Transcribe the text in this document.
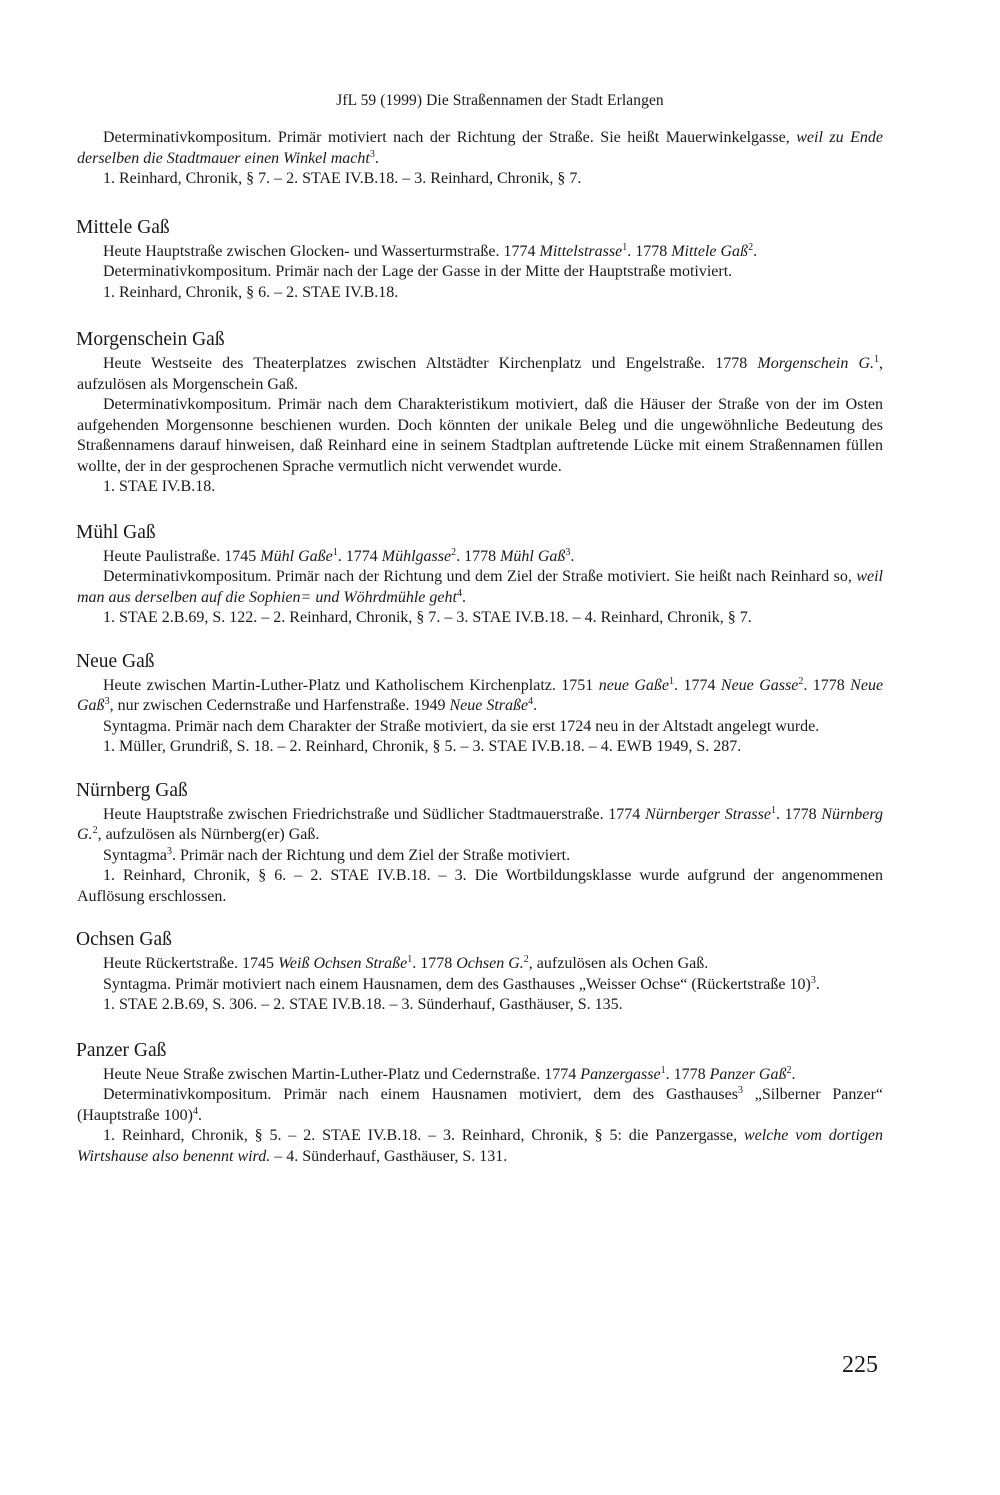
JfL 59 (1999) Die Straßennamen der Stadt Erlangen

Determinativkompositum. Primär motiviert nach der Richtung der Straße. Sie heißt Mauerwinkelgasse, weil zu Ende derselben die Stadtmauer einen Winkel macht$^3$.

1. Reinhard, Chronik, § 7. – 2. STAE IV.B.18. – 3. Reinhard, Chronik, § 7.

Mittele Gaß

Heute Hauptstraße zwischen Glocken- und Wasserturmstraße. 1774 Mittelstrasse$^1$. 1778 Mittele Gaß$^2$.

Determinativkompositum. Primär nach der Lage der Gasse in der Mitte der Hauptstraße motiviert.

1. Reinhard, Chronik, § 6. – 2. STAE IV.B.18.

Morgenschein Gaß

Heute Westseite des Theaterplatzes zwischen Altstädter Kirchenplatz und Engelstraße. 1778 Morgenschein G.$^1$, aufzulösen als Morgenschein Gaß.

Determinativkompositum. Primär nach dem Charakteristikum motiviert, daß die Häuser der Straße von der im Osten aufgehenden Morgensonne beschienen wurden. Doch könnten der unikale Beleg und die ungewöhnliche Bedeutung des Straßennamens darauf hinweisen, daß Reinhard eine in seinem Stadtplan auftretende Lücke mit einem Straßennamen füllen wollte, der in der gesprochenen Sprache vermutlich nicht verwendet wurde.

1. STAE IV.B.18.

Mühl Gaß

Heute Paulistraße. 1745 Mühl Gaße$^1$. 1774 Mühlgasse$^2$. 1778 Mühl Gaß$^3$.

Determinativkompositum. Primär nach der Richtung und dem Ziel der Straße motiviert. Sie heißt nach Reinhard so, weil man aus derselben auf die Sophien= und Wöhrdmühle geht$^4$.

1. STAE 2.B.69, S. 122. – 2. Reinhard, Chronik, § 7. – 3. STAE IV.B.18. – 4. Reinhard, Chronik, § 7.

Neue Gaß

Heute zwischen Martin-Luther-Platz und Katholischem Kirchenplatz. 1751 neue Gaße$^1$. 1774 Neue Gasse$^2$. 1778 Neue Gaß$^3$, nur zwischen Cedernstraße und Harfenstraße. 1949 Neue Straße$^4$.

Syntagma. Primär nach dem Charakter der Straße motiviert, da sie erst 1724 neu in der Altstadt angelegt wurde.

1. Müller, Grundriß, S. 18. – 2. Reinhard, Chronik, § 5. – 3. STAE IV.B.18. – 4. EWB 1949, S. 287.

Nürnberg Gaß

Heute Hauptstraße zwischen Friedrichstraße und Südlicher Stadtmauerstraße. 1774 Nürnberger Strasse$^1$. 1778 Nürnberg G.$^2$, aufzulösen als Nürnberg(er) Gaß.

Syntagma$^3$. Primär nach der Richtung und dem Ziel der Straße motiviert.

1. Reinhard, Chronik, § 6. – 2. STAE IV.B.18. – 3. Die Wortbildungsklasse wurde aufgrund der angenommenen Auflösung erschlossen.

Ochsen Gaß

Heute Rückertstraße. 1745 Weiß Ochsen Straße$^1$. 1778 Ochsen G.$^2$, aufzulösen als Ochen Gaß.

Syntagma. Primär motiviert nach einem Hausnamen, dem des Gasthauses „Weisser Ochse“ (Rückertstraße 10)$^3$.

1. STAE 2.B.69, S. 306. – 2. STAE IV.B.18. – 3. Sünderhauf, Gasthäuser, S. 135.

Panzer Gaß

Heute Neue Straße zwischen Martin-Luther-Platz und Cedernstraße. 1774 Panzergasse$^1$. 1778 Panzer Gaß$^2$.

Determinativkompositum. Primär nach einem Hausnamen motiviert, dem des Gasthauses$^3$ „Silberner Panzer“ (Hauptstraße 100)$^4$.

1. Reinhard, Chronik, § 5. – 2. STAE IV.B.18. – 3. Reinhard, Chronik, § 5: die Panzergasse, welche vom dortigen Wirtshause also benennt wird. – 4. Sünderhauf, Gasthäuser, S. 131.

225
